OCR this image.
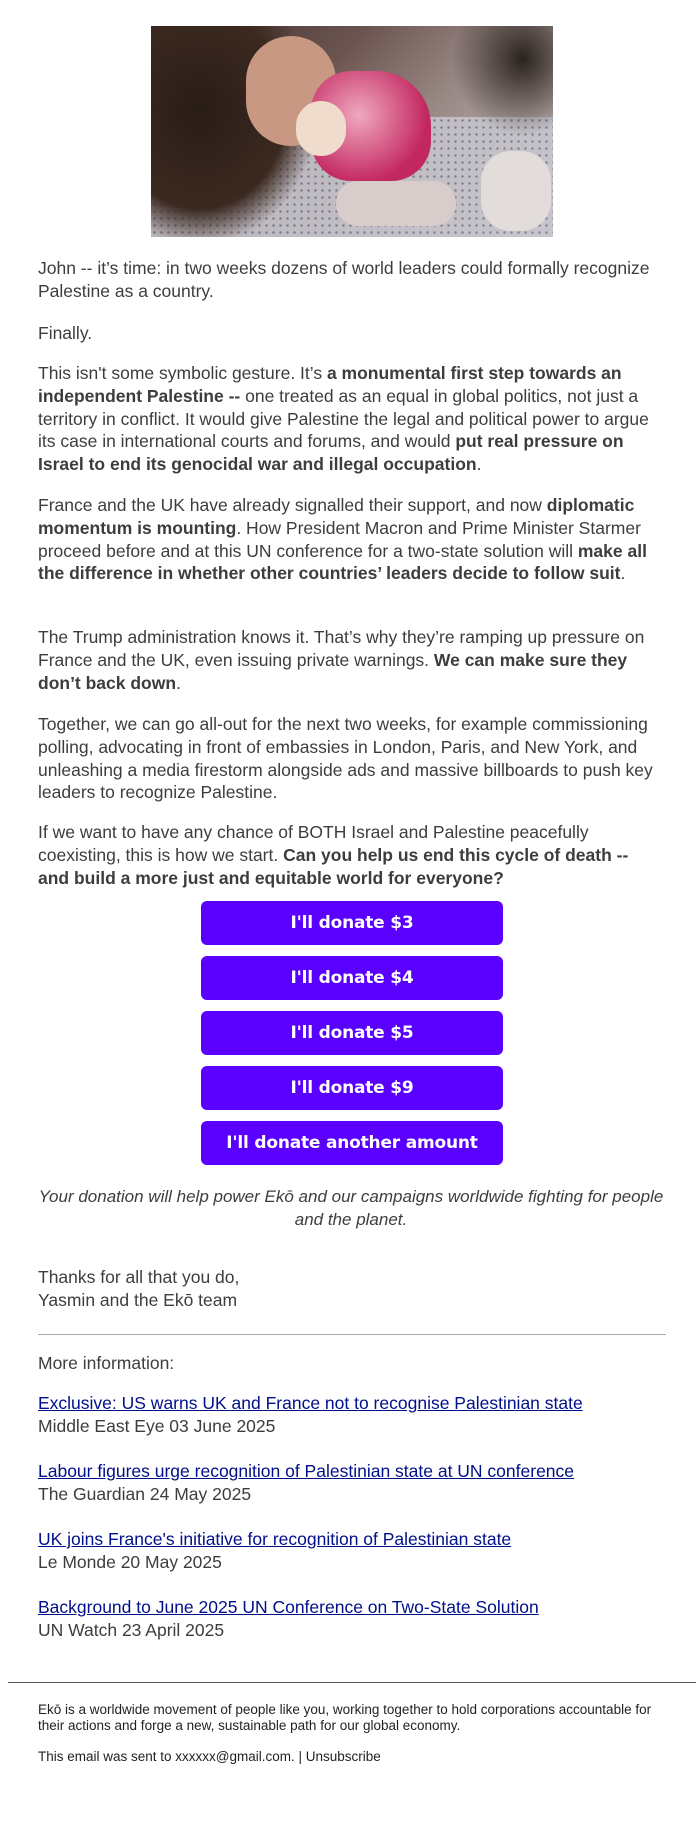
John -- it’s time: in two weeks dozens of world leaders could formally recognize Palestine as a country.

Finally.

This isn't some symbolic gesture. It’s a monumental first step towards an independent Palestine -- one treated as an equal in global politics, not just a territory in conflict. It would give Palestine the legal and political power to argue its case in international courts and forums, and would put real pressure on Israel to end its genocidal war and illegal occupation.

France and the UK have already signalled their support, and now diplomatic momentum is mounting. How President Macron and Prime Minister Starmer proceed before and at this UN conference for a two-state solution will make all the difference in whether other countries’ leaders decide to follow suit.

The Trump administration knows it. That’s why they’re ramping up pressure on France and the UK, even issuing private warnings. We can make sure they don’t back down.

Together, we can go all-out for the next two weeks, for example commissioning polling, advocating in front of embassies in London, Paris, and New York, and unleashing a media firestorm alongside ads and massive billboards to push key leaders to recognize Palestine.

If we want to have any chance of BOTH Israel and Palestine peacefully coexisting, this is how we start. Can you help us end this cycle of death -- and build a more just and equitable world for everyone?

I'll donate $3
I'll donate $4
I'll donate $5
I'll donate $9
I'll donate another amount
Your donation will help power Ekō and our campaigns worldwide fighting for people and the planet.
Thanks for all that you do,
Yasmin and the Ekō team
More information:
Exclusive: US warns UK and France not to recognise Palestinian state
Middle East Eye 03 June 2025
Labour figures urge recognition of Palestinian state at UN conference
The Guardian 24 May 2025
UK joins France's initiative for recognition of Palestinian state
Le Monde 20 May 2025
Background to June 2025 UN Conference on Two-State Solution
UN Watch 23 April 2025
Ekō is a worldwide movement of people like you, working together to hold corporations accountable for their actions and forge a new, sustainable path for our global economy.
This email was sent to xxxxxx@gmail.com. | Unsubscribe
